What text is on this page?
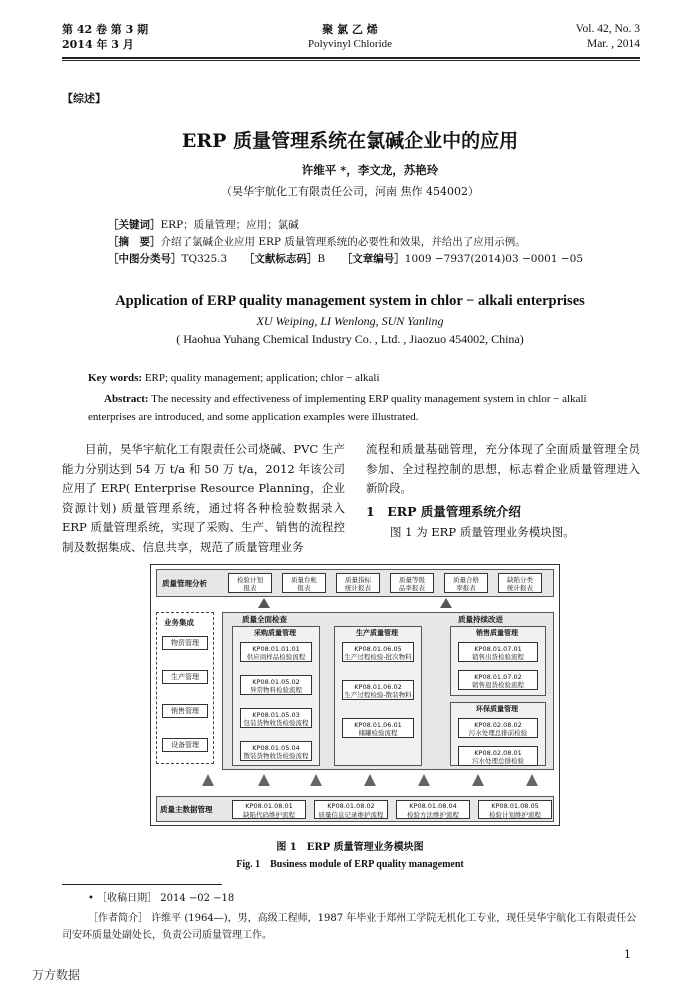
第 42 卷 第 3 期
2014 年 3 月
聚 氯 乙 烯
Polyvinyl Chloride
Vol. 42, No. 3
Mar. , 2014
【综述】
ERP 质量管理系统在氯碱企业中的应用
许维平 *，李文龙，苏艳玲
（昊华宇航化工有限责任公司，河南 焦作 454002）
［关键词］ERP；质量管理；应用；氯碱
［摘　要］介绍了氯碱企业应用 ERP 质量管理系统的必要性和效果，并给出了应用示例。
［中图分类号］TQ325.3 ［文献标志码］B ［文章编号］1009 −7937(2014)03 −0001 −05
Application of ERP quality management system in chlor − alkali enterprises
XU Weiping, LI Wenlong, SUN Yanling
( Haohua Yuhang Chemical Industry Co. , Ltd. , Jiaozuo 454002, China)
Key words: ERP; quality management; application; chlor − alkali
Abstract: The necessity and effectiveness of implementing ERP quality management system in chlor − alkali enterprises are introduced, and some application examples were illustrated.
目前，昊华宇航化工有限责任公司烧碱、PVC 生产能力分别达到 54 万 t/a 和 50 万 t/a，2012 年该公司应用了 ERP( Enterprise Resource Planning，企业资源计划) 质量管理系统，通过将各种检验数据录入 ERP 质量管理系统，实现了采购、生产、销售的流程控制及数据集成、信息共享，规范了质量管理业务
流程和质量基础管理，充分体现了全面质量管理全员参加、全过程控制的思想，标志着企业质量管理进入新阶段。
1　ERP 质量管理系统介绍
图 1 为 ERP 质量管理业务模块图。
质量管理分析	检验计划
报表
质量台帐
报表
质量指标
统计报表
质量等级
品率报表
质量合格
率报表
缺陷分类
统计报表
业务集成
物资管理
生产管理
销售管理
设备管理
质量全面检查	质量持续改进
采购质量管理
KP08.01.01.01
供应商样品检验流程
KP08.01.05.02
异常物料检验流程
KP08.01.05.03
包装货物收货检验流程
KP08.01.05.04
散装货物收货检验流程
生产质量管理
KP08.01.06.05
生产过程检验-批次物料
KP08.01.06.02
生产过程检验-散装物料
KP08.01.06.01
储罐检验流程
销售质量管理
KP08.01.07.01
销售出货检验流程
KP08.01.07.02
销售退货检验流程
环保质量管理
KP08.02.08.02
污水处理总排前检验
KP08.02.08.01
污水处理总排检验
质量主数据管理	KP08.01.08.01
缺陷代码维护流程
KP08.01.08.02
质量信息记录维护流程
KP08.01.08.04
检验方法维护流程
KP08.01.08.05
检验计划维护流程
图 1　ERP 质量管理业务模块图
Fig. 1　Business module of ERP quality management
• ［收稿日期］ 2014 −02 −18
［作者简介］ 许维平 (1964—)，男，高级工程师，1987 年毕业于郑州工学院无机化工专业，现任昊华宇航化工有限责任公司安环质量处副处长，负责公司质量管理工作。
1
万方数据
